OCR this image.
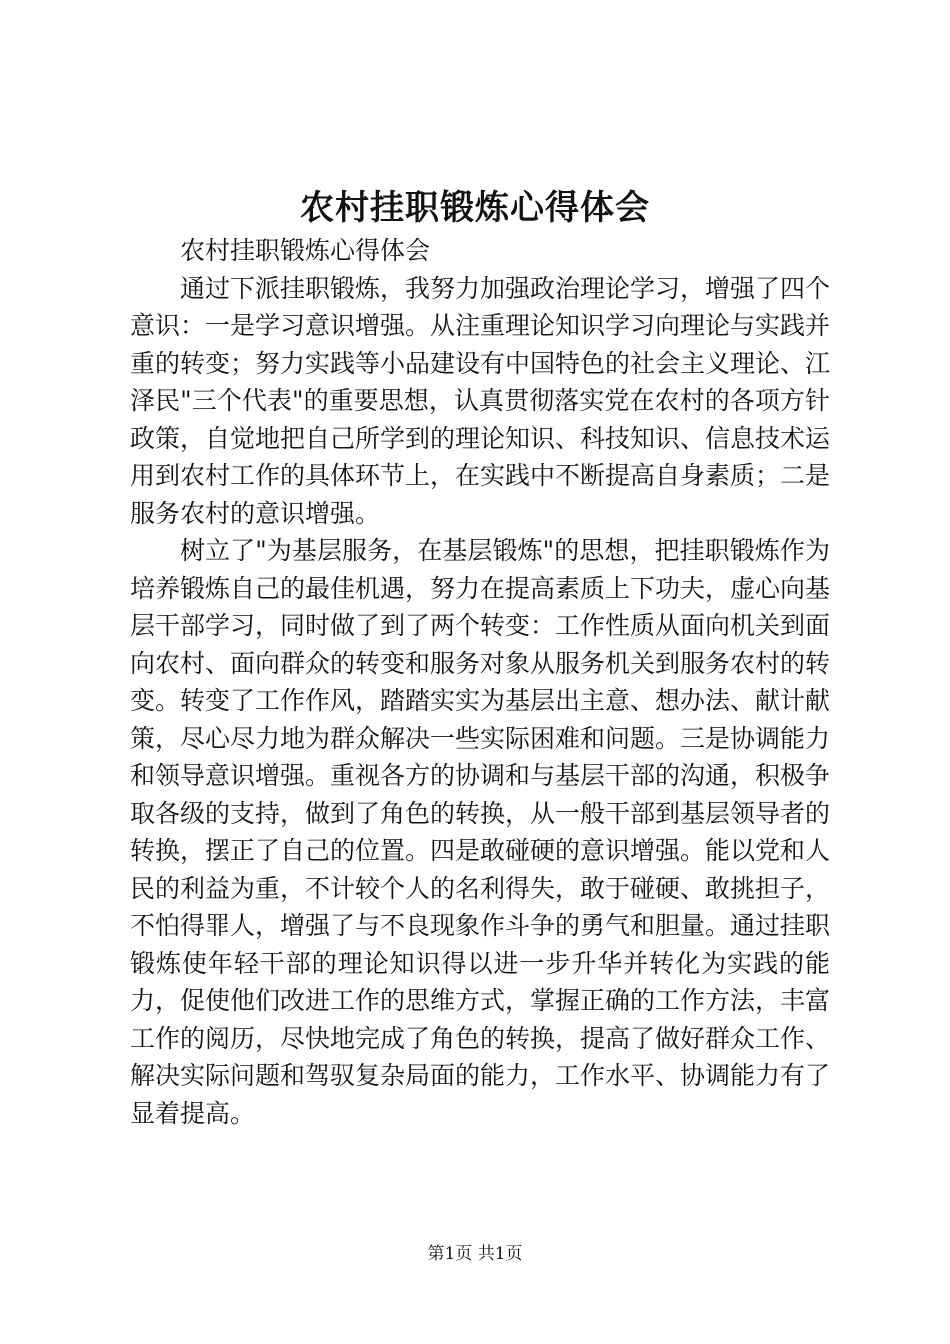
农村挂职锻炼心得体会

农村挂职锻炼心得体会

通过下派挂职锻炼，我努力加强政治理论学习，增强了四个意识：一是学习意识增强。从注重理论知识学习向理论与实践并重的转变；努力实践等小品建设有中国特色的社会主义理论、江泽民"三个代表"的重要思想，认真贯彻落实党在农村的各项方针政策，自觉地把自己所学到的理论知识、科技知识、信息技术运用到农村工作的具体环节上，在实践中不断提高自身素质；二是服务农村的意识增强。

树立了"为基层服务，在基层锻炼"的思想，把挂职锻炼作为培养锻炼自己的最佳机遇，努力在提高素质上下功夫，虚心向基层干部学习，同时做了到了两个转变：工作性质从面向机关到面向农村、面向群众的转变和服务对象从服务机关到服务农村的转变。转变了工作作风，踏踏实实为基层出主意、想办法、献计献策，尽心尽力地为群众解决一些实际困难和问题。三是协调能力和领导意识增强。重视各方的协调和与基层干部的沟通，积极争取各级的支持，做到了角色的转换，从一般干部到基层领导者的转换，摆正了自己的位置。四是敢碰硬的意识增强。能以党和人民的利益为重，不计较个人的名利得失，敢于碰硬、敢挑担子，不怕得罪人，增强了与不良现象作斗争的勇气和胆量。通过挂职锻炼使年轻干部的理论知识得以进一步升华并转化为实践的能力，促使他们改进工作的思维方式，掌握正确的工作方法，丰富工作的阅历，尽快地完成了角色的转换，提高了做好群众工作、解决实际问题和驾驭复杂局面的能力，工作水平、协调能力有了显着提高。

第1页 共1页
